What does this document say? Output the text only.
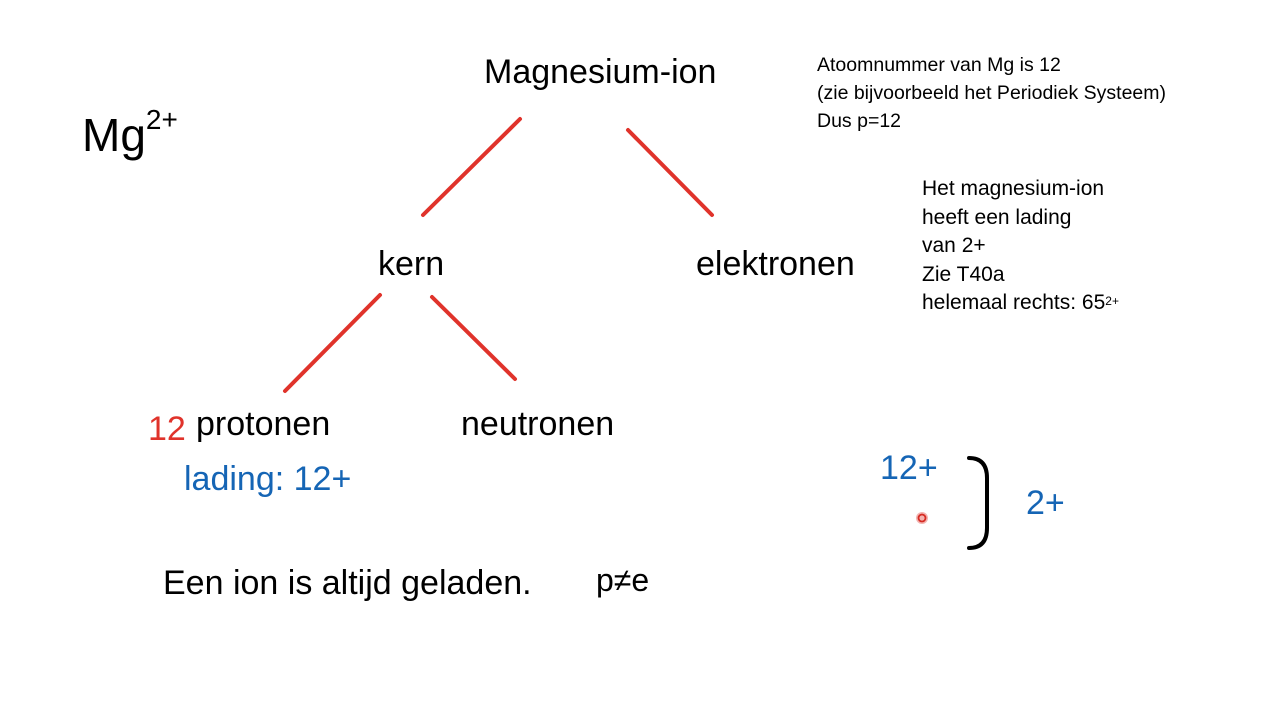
$Mg^{2+}$
Magnesium-ion
kern	elektronen
protonen	neutronen
12
lading: 12+
Een ion is altijd geladen. p≠e
Atoomnummer van Mg is 12
(zie bijvoorbeeld het Periodiek Systeem)
Dus p=12
Het magnesium-ion
heeft een lading
van 2+
Zie T40a
helemaal rechts: $65^{2+}$
12+
2+
